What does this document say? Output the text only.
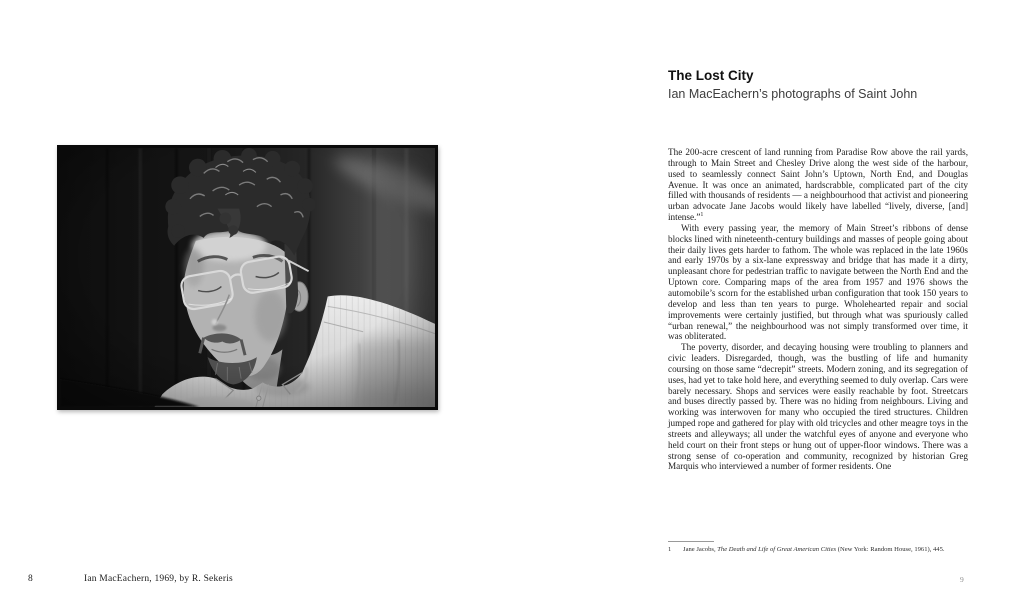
8	Ian MacEachern, 1969, by R. Sekeris
The Lost City
Ian MacEachern’s photographs of Saint John

The 200-acre crescent of land running from Paradise Row above the rail yards, through to Main Street and Chesley Drive along the west side of the harbour, used to seamlessly connect Saint John’s Uptown, North End, and Douglas Avenue. It was once an animated, hardscrabble, complicated part of the city filled with thousands of residents — a neighbourhood that activist and pioneering urban advocate Jane Jacobs would likely have labelled “lively, diverse, [and] intense.”$^1$

With every passing year, the memory of Main Street’s ribbons of dense blocks lined with nineteenth-century buildings and masses of people going about their daily lives gets harder to fathom. The whole was replaced in the late 1960s and early 1970s by a six-lane expressway and bridge that has made it a dirty, unpleasant chore for pedestrian traffic to navigate between the North End and the Uptown core. Comparing maps of the area from 1957 and 1976 shows the automobile’s scorn for the established urban configuration that took 150 years to develop and less than ten years to purge. Wholehearted repair and social improvements were certainly justified, but through what was spuriously called “urban renewal,” the neighbourhood was not simply transformed over time, it was obliterated.

The poverty, disorder, and decaying housing were troubling to planners and civic leaders. Disregarded, though, was the bustling of life and humanity coursing on those same “decrepit” streets. Modern zoning, and its segregation of uses, had yet to take hold here, and everything seemed to duly overlap. Cars were barely necessary. Shops and services were easily reachable by foot. Streetcars and buses directly passed by. There was no hiding from neighbours. Living and working was interwoven for many who occupied the tired structures. Children jumped rope and gathered for play with old tricycles and other meagre toys in the streets and alleyways; all under the watchful eyes of anyone and everyone who held court on their front steps or hung out of upper-floor windows. There was a strong sense of co-operation and community, recognized by historian Greg Marquis who interviewed a number of former residents. One

1 Jane Jacobs, The Death and Life of Great American Cities (New York: Random House, 1961), 445.
9
